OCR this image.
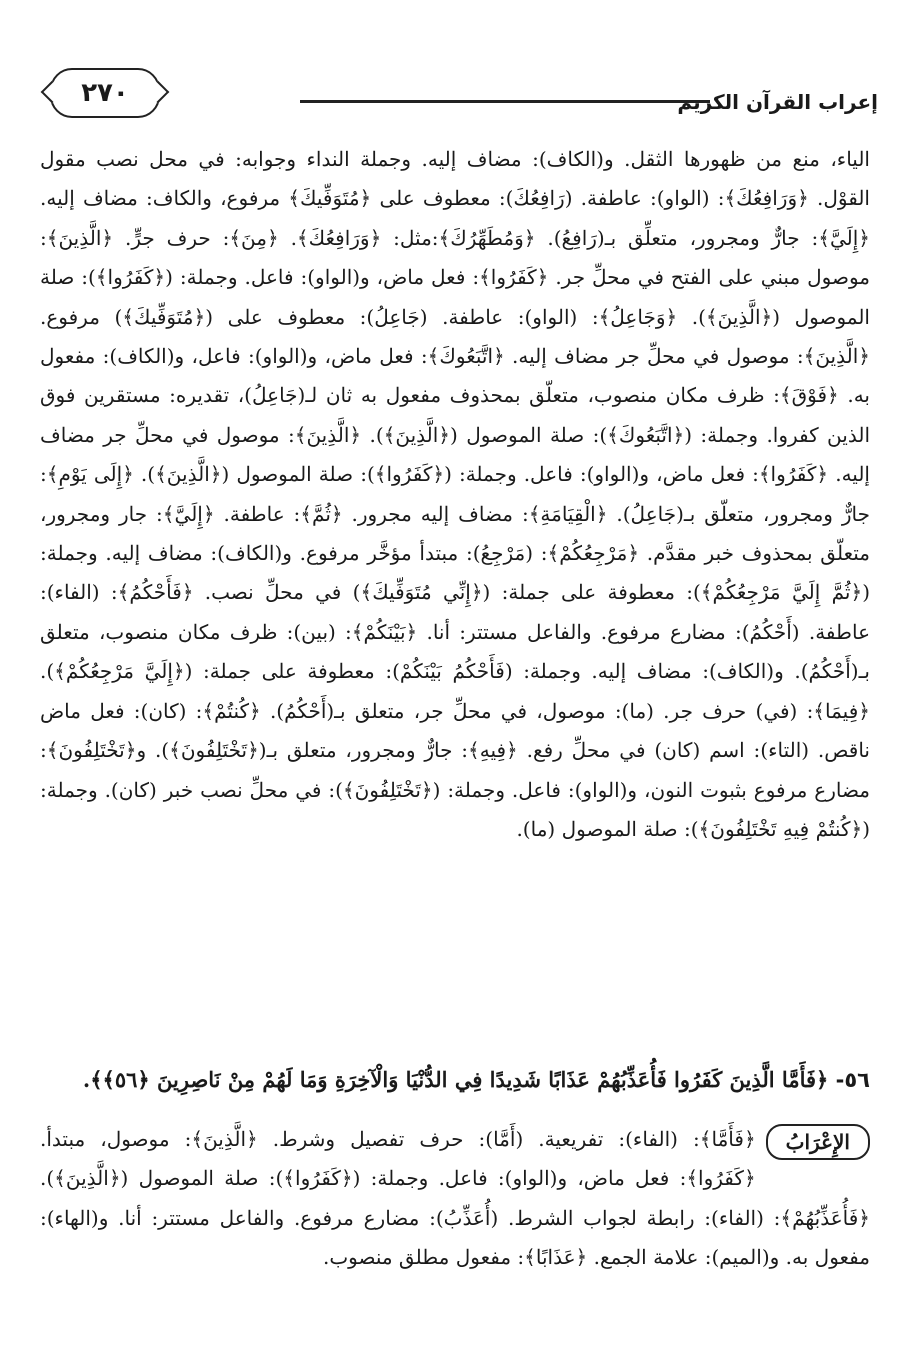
إعراب القرآن الكريم
٢٧٠

الياء، منع من ظهورها الثقل. و(الكاف): مضاف إليه. وجملة النداء وجوابه: في محل نصب مقول القوْل. ﴿وَرَافِعُكَ﴾: (الواو): عاطفة. (رَافِعُكَ): معطوف على ﴿مُتَوَفِّيكَ﴾ مرفوع، والكاف: مضاف إليه. ﴿إِلَيَّ﴾: جارٌّ ومجرور، متعلِّق بـ(رَافِعُ). ﴿وَمُطَهِّرُكَ﴾:مثل: ﴿وَرَافِعُكَ﴾. ﴿مِنَ﴾: حرف جرٍّ. ﴿الَّذِينَ﴾: موصول مبني على الفتح في محلِّ جر. ﴿كَفَرُوا﴾: فعل ماض، و(الواو): فاعل. وجملة: (﴿كَفَرُوا﴾): صلة الموصول (﴿الَّذِينَ﴾). ﴿وَجَاعِلُ﴾: (الواو): عاطفة. (جَاعِلُ): معطوف على (﴿مُتَوَفِّيكَ﴾) مرفوع. ﴿الَّذِينَ﴾: موصول في محلِّ جر مضاف إليه. ﴿اتَّبَعُوكَ﴾: فعل ماض، و(الواو): فاعل، و(الكاف): مفعول به. ﴿فَوْقَ﴾: ظرف مكان منصوب، متعلّق بمحذوف مفعول به ثان لـ(جَاعِلُ)، تقديره: مستقرين فوق الذين كفروا. وجملة: (﴿اتَّبَعُوكَ﴾): صلة الموصول (﴿الَّذِينَ﴾). ﴿الَّذِينَ﴾: موصول في محلِّ جر مضاف إليه. ﴿كَفَرُوا﴾: فعل ماض، و(الواو): فاعل. وجملة: (﴿كَفَرُوا﴾): صلة الموصول (﴿الَّذِينَ﴾). ﴿إِلَى يَوْمِ﴾: جارٌّ ومجرور، متعلّق بـ(جَاعِلُ). ﴿الْقِيَامَةِ﴾: مضاف إليه مجرور. ﴿ثُمَّ﴾: عاطفة. ﴿إِلَيَّ﴾: جار ومجرور، متعلّق بمحذوف خبر مقدَّم. ﴿مَرْجِعُكُمْ﴾: (مَرْجِعُ): مبتدأ مؤخَّر مرفوع. و(الكاف): مضاف إليه. وجملة: (﴿ثُمَّ إِلَيَّ مَرْجِعُكُمْ﴾): معطوفة على جملة: (﴿إِنِّي مُتَوَفِّيكَ﴾) في محلِّ نصب. ﴿فَأَحْكُمُ﴾: (الفاء): عاطفة. (أَحْكُمُ): مضارع مرفوع. والفاعل مستتر: أنا. ﴿بَيْنَكُمْ﴾: (بين): ظرف مكان منصوب، متعلق بـ(أَحْكُمُ). و(الكاف): مضاف إليه. وجملة: (فَأَحْكُمُ بَيْنَكُمْ): معطوفة على جملة: (﴿إِلَيَّ مَرْجِعُكُمْ﴾). ﴿فِيمَا﴾: (في) حرف جر. (ما): موصول، في محلِّ جر، متعلق بـ(أَحْكُمُ). ﴿كُنتُمْ﴾: (كان): فعل ماض ناقص. (التاء): اسم (كان) في محلِّ رفع. ﴿فِيهِ﴾: جارٌّ ومجرور، متعلق بـ(﴿تَخْتَلِفُونَ﴾). و﴿تَخْتَلِفُونَ﴾: مضارع مرفوع بثبوت النون، و(الواو): فاعل. وجملة: (﴿تَخْتَلِفُونَ﴾): في محلِّ نصب خبر (كان). وجملة: (﴿كُنتُمْ فِيهِ تَخْتَلِفُونَ﴾): صلة الموصول (ما).

٥٦- ﴿فَأَمَّا الَّذِينَ كَفَرُوا فَأُعَذِّبُهُمْ عَذَابًا شَدِيدًا فِي الدُّنْيَا وَالْآخِرَةِ وَمَا لَهُمْ مِنْ نَاصِرِينَ ﴿٥٦﴾﴾.
الإِعْرَابُ

﴿فَأَمَّا﴾: (الفاء): تفريعية. (أَمَّا): حرف تفصيل وشرط. ﴿الَّذِينَ﴾: موصول، مبتدأ. ﴿كَفَرُوا﴾: فعل ماض، و(الواو): فاعل. وجملة: (﴿كَفَرُوا﴾): صلة الموصول (﴿الَّذِينَ﴾). ﴿فَأُعَذِّبُهُمْ﴾: (الفاء): رابطة لجواب الشرط. (أُعَذِّبُ): مضارع مرفوع. والفاعل مستتر: أنا. و(الهاء): مفعول به. و(الميم): علامة الجمع. ﴿عَذَابًا﴾: مفعول مطلق منصوب.
